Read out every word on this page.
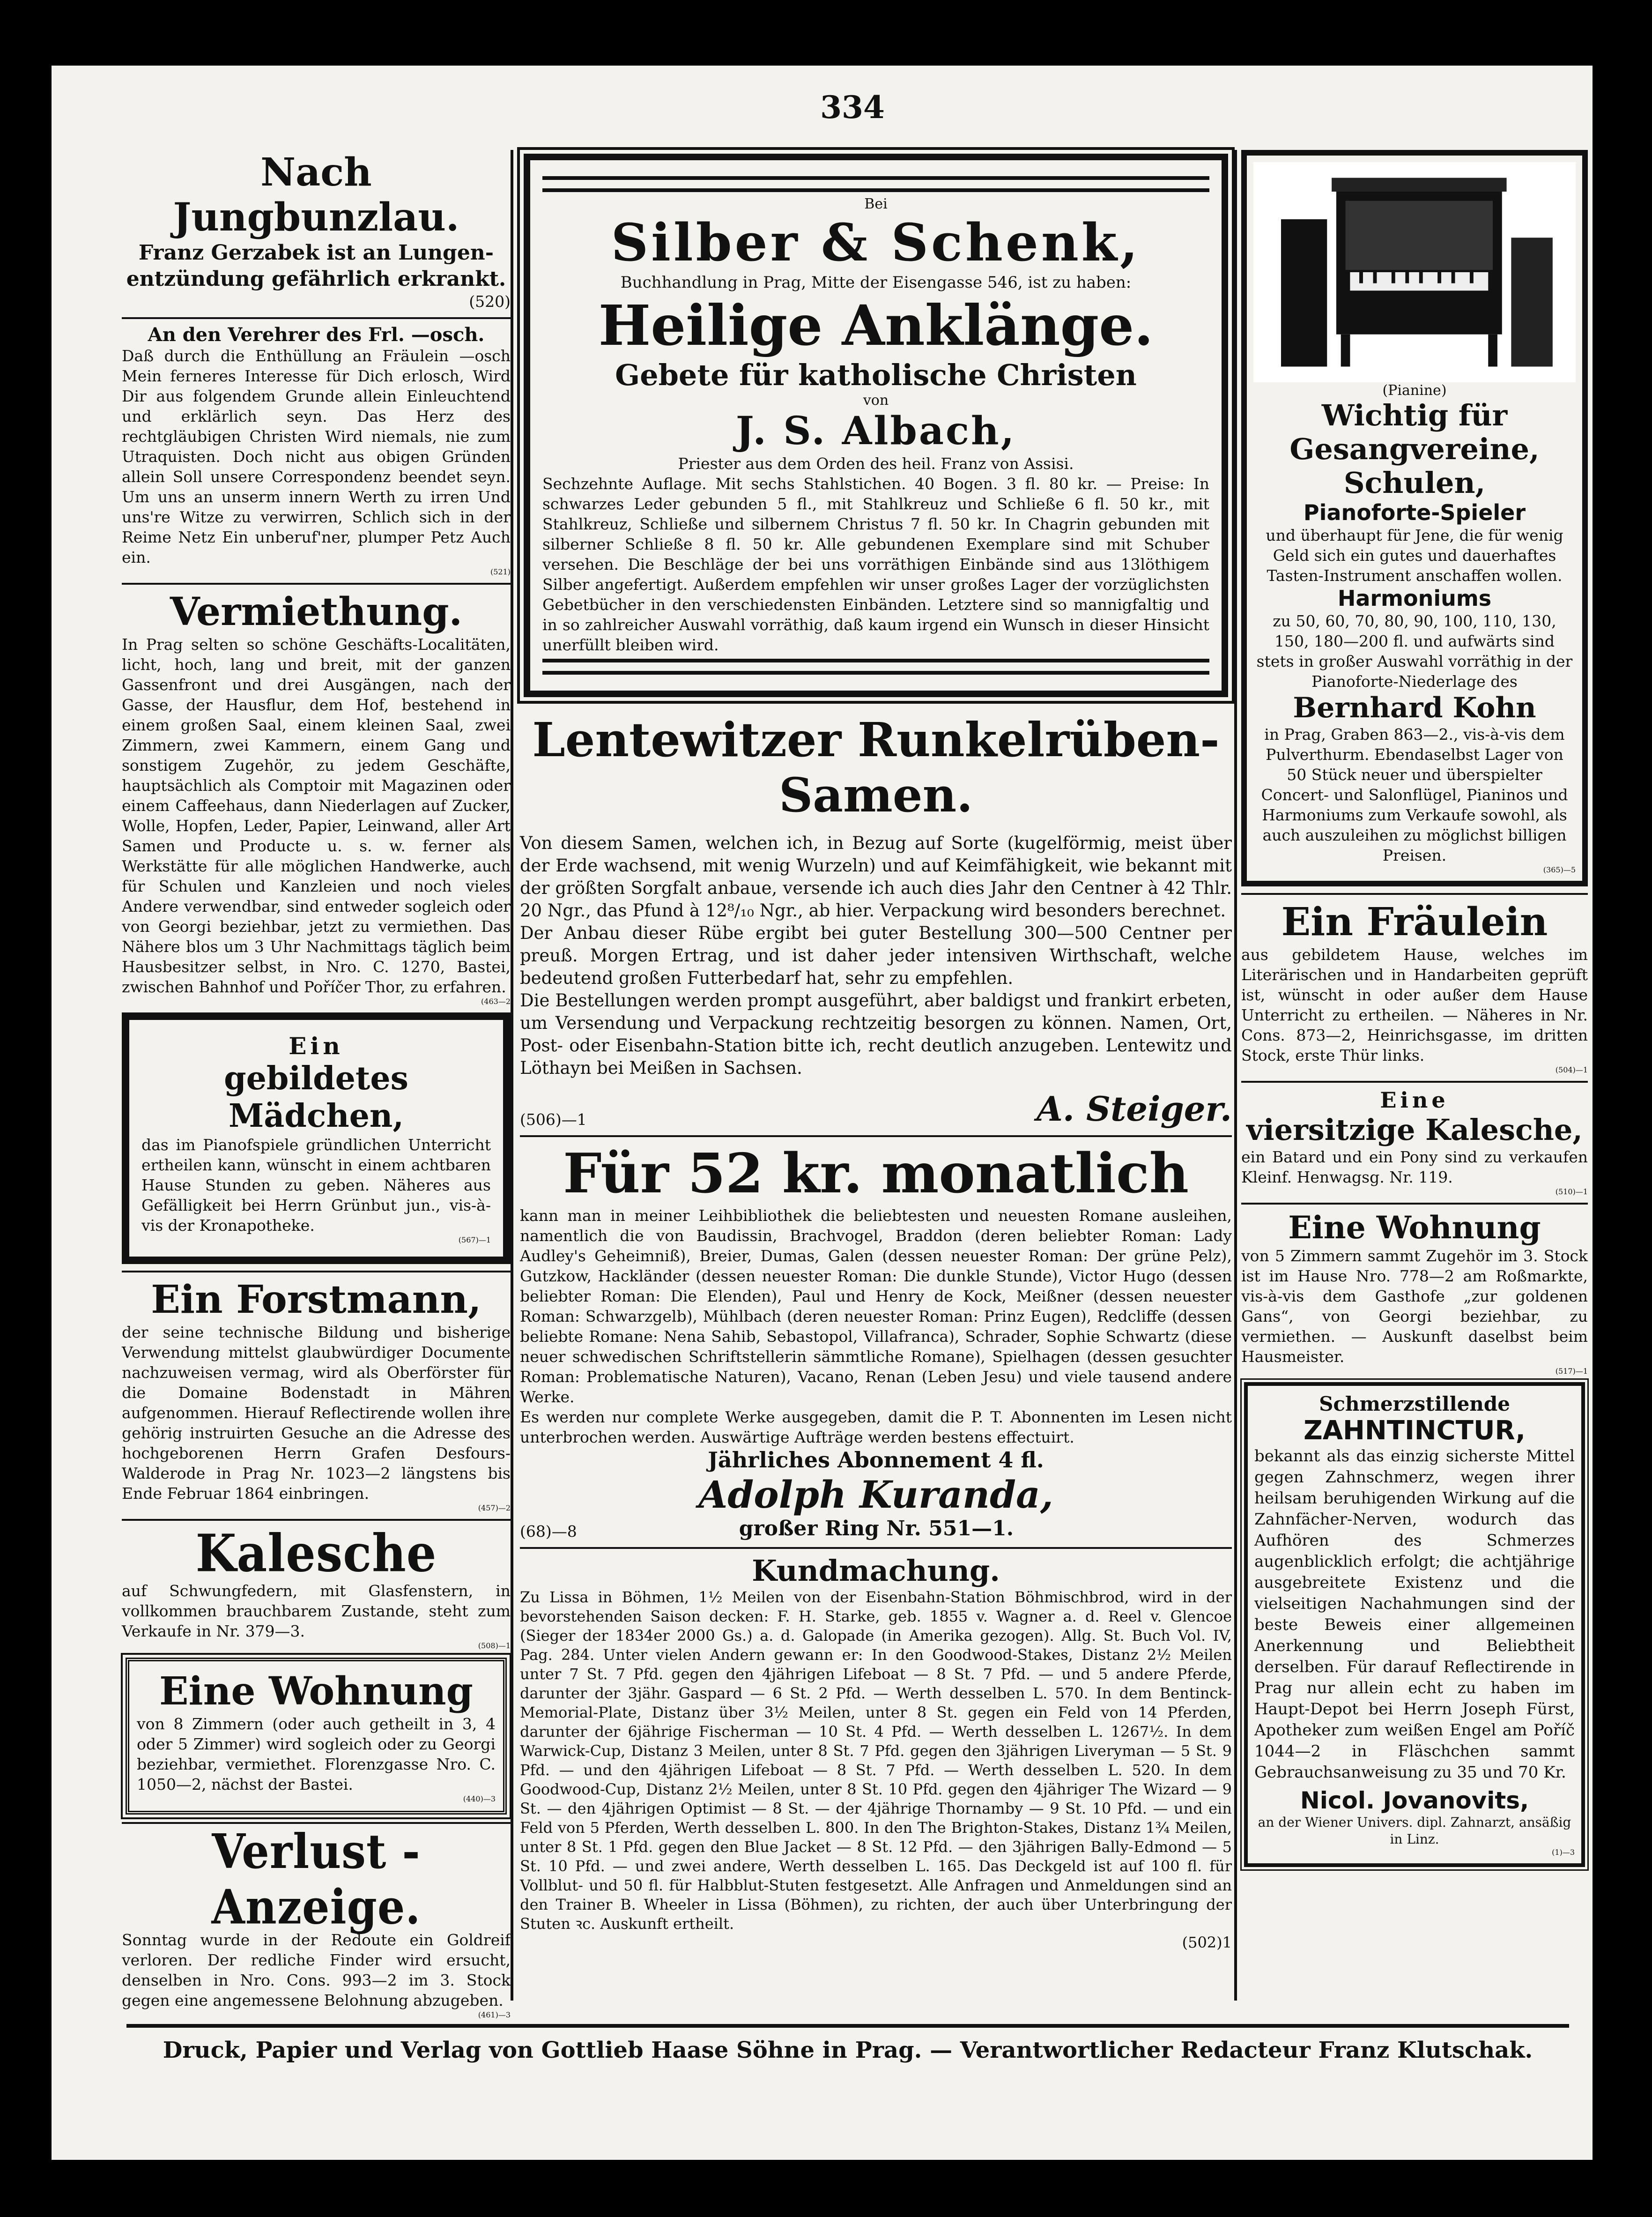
334
Nach Jungbunzlau.

Franz Gerzabek ist an Lungen-entzündung gefährlich erkrankt.

(520)
An den Verehrer des Frl. —osch.

Daß durch die Enthüllung an Fräulein —osch Mein ferneres Interesse für Dich erlosch, Wird Dir aus folgendem Grunde allein Einleuchtend und erklärlich seyn. Das Herz des rechtgläubigen Christen Wird niemals, nie zum Utraquisten. Doch nicht aus obigen Gründen allein Soll unsere Correspondenz beendet seyn. Um uns an unserm innern Werth zu irren Und uns're Witze zu verwirren, Schlich sich in der Reime Netz Ein unberuf'ner, plumper Petz Auch ein.

(521)
Vermiethung.

In Prag selten so schöne Geschäfts-Localitäten, licht, hoch, lang und breit, mit der ganzen Gassenfront und drei Ausgängen, nach der Gasse, der Hausflur, dem Hof, bestehend in einem großen Saal, einem kleinen Saal, zwei Zimmern, zwei Kammern, einem Gang und sonstigem Zugehör, zu jedem Geschäfte, hauptsächlich als Comptoir mit Magazinen oder einem Caffeehaus, dann Niederlagen auf Zucker, Wolle, Hopfen, Leder, Papier, Leinwand, aller Art Samen und Producte u. s. w. ferner als Werkstätte für alle möglichen Handwerke, auch für Schulen und Kanzleien und noch vieles Andere verwendbar, sind entweder sogleich oder von Georgi beziehbar, jetzt zu vermiethen. Das Nähere blos um 3 Uhr Nachmittags täglich beim Hausbesitzer selbst, in Nro. C. 1270, Bastei, zwischen Bahnhof und Poříčer Thor, zu erfahren.

(463—2
Ein
gebildetes Mädchen,

das im Pianofspiele gründlichen Unterricht ertheilen kann, wünscht in einem achtbaren Hause Stunden zu geben. Näheres aus Gefälligkeit bei Herrn Grünbut jun., vis-à-vis der Kronapotheke.

(567)—1
Ein Forstmann,

der seine technische Bildung und bisherige Verwendung mittelst glaubwürdiger Documente nachzuweisen vermag, wird als Oberförster für die Domaine Bodenstadt in Mähren aufgenommen. Hierauf Reflectirende wollen ihre gehörig instruirten Gesuche an die Adresse des hochgeborenen Herrn Grafen Desfours-Walderode in Prag Nr. 1023—2 längstens bis Ende Februar 1864 einbringen.

(457)—2
Kalesche

auf Schwungfedern, mit Glasfenstern, in vollkommen brauchbarem Zustande, steht zum Verkaufe in Nr. 379—3.

(508)—1
Eine Wohnung

von 8 Zimmern (oder auch getheilt in 3, 4 oder 5 Zimmer) wird sogleich oder zu Georgi beziehbar, vermiethet. Florenzgasse Nro. C. 1050—2, nächst der Bastei.

(440)—3
Verlust - Anzeige.

Sonntag wurde in der Redoute ein Goldreif verloren. Der redliche Finder wird ersucht, denselben in Nro. Cons. 993—2 im 3. Stock gegen eine angemessene Belohnung abzugeben.

(461)—3
Bei
Silber & Schenk,

Buchhandlung in Prag, Mitte der Eisengasse 546, ist zu haben:

Heilige Anklänge.
Gebete für katholische Christen
von
J. S. Albach,

Priester aus dem Orden des heil. Franz von Assisi.

Sechzehnte Auflage. Mit sechs Stahlstichen. 40 Bogen. 3 fl. 80 kr. — Preise: In schwarzes Leder gebunden 5 fl., mit Stahlkreuz und Schließe 6 fl. 50 kr., mit Stahlkreuz, Schließe und silbernem Christus 7 fl. 50 kr. In Chagrin gebunden mit silberner Schließe 8 fl. 50 kr. Alle gebundenen Exemplare sind mit Schuber versehen. Die Beschläge der bei uns vorräthigen Einbände sind aus 13löthigem Silber angefertigt. Außerdem empfehlen wir unser großes Lager der vorzüglichsten Gebetbücher in den verschiedensten Einbänden. Letztere sind so mannigfaltig und in so zahlreicher Auswahl vorräthig, daß kaum irgend ein Wunsch in dieser Hinsicht unerfüllt bleiben wird.

Lentewitzer Runkelrüben-Samen.

Von diesem Samen, welchen ich, in Bezug auf Sorte (kugelförmig, meist über der Erde wachsend, mit wenig Wurzeln) und auf Keimfähigkeit, wie bekannt mit der größten Sorgfalt anbaue, versende ich auch dies Jahr den Centner à 42 Thlr. 20 Ngr., das Pfund à 12⁸/₁₀ Ngr., ab hier. Verpackung wird besonders berechnet.

Der Anbau dieser Rübe ergibt bei guter Bestellung 300—500 Centner per preuß. Morgen Ertrag, und ist daher jeder intensiven Wirthschaft, welche bedeutend großen Futterbedarf hat, sehr zu empfehlen.

Die Bestellungen werden prompt ausgeführt, aber baldigst und frankirt erbeten, um Versendung und Verpackung rechtzeitig besorgen zu können. Namen, Ort, Post- oder Eisenbahn-Station bitte ich, recht deutlich anzugeben. Lentewitz und Löthayn bei Meißen in Sachsen.

(506)—1	A. Steiger.
Für 52 kr. monatlich

kann man in meiner Leihbibliothek die beliebtesten und neuesten Romane ausleihen, namentlich die von Baudissin, Brachvogel, Braddon (deren beliebter Roman: Lady Audley's Geheimniß), Breier, Dumas, Galen (dessen neuester Roman: Der grüne Pelz), Gutzkow, Hackländer (dessen neuester Roman: Die dunkle Stunde), Victor Hugo (dessen beliebter Roman: Die Elenden), Paul und Henry de Kock, Meißner (dessen neuester Roman: Schwarzgelb), Mühlbach (deren neuester Roman: Prinz Eugen), Redcliffe (dessen beliebte Romane: Nena Sahib, Sebastopol, Villafranca), Schrader, Sophie Schwartz (diese neuer schwedischen Schriftstellerin sämmtliche Romane), Spielhagen (dessen gesuchter Roman: Problematische Naturen), Vacano, Renan (Leben Jesu) und viele tausend andere Werke.

Es werden nur complete Werke ausgegeben, damit die P. T. Abonnenten im Lesen nicht unterbrochen werden. Auswärtige Aufträge werden bestens effectuirt.

Jährliches Abonnement 4 fl.
Adolph Kuranda,
(68)—8	großer Ring Nr. 551—1.
Kundmachung.

Zu Lissa in Böhmen, 1½ Meilen von der Eisenbahn-Station Böhmischbrod, wird in der bevorstehenden Saison decken: F. H. Starke, geb. 1855 v. Wagner a. d. Reel v. Glencoe (Sieger der 1834er 2000 Gs.) a. d. Galopade (in Amerika gezogen). Allg. St. Buch Vol. IV, Pag. 284. Unter vielen Andern gewann er: In den Goodwood-Stakes, Distanz 2½ Meilen unter 7 St. 7 Pfd. gegen den 4jährigen Lifeboat — 8 St. 7 Pfd. — und 5 andere Pferde, darunter der 3jähr. Gaspard — 6 St. 2 Pfd. — Werth desselben L. 570. In dem Bentinck-Memorial-Plate, Distanz über 3½ Meilen, unter 8 St. gegen ein Feld von 14 Pferden, darunter der 6jährige Fischerman — 10 St. 4 Pfd. — Werth desselben L. 1267½. In dem Warwick-Cup, Distanz 3 Meilen, unter 8 St. 7 Pfd. gegen den 3jährigen Liveryman — 5 St. 9 Pfd. — und den 4jährigen Lifeboat — 8 St. 7 Pfd. — Werth desselben L. 520. In dem Goodwood-Cup, Distanz 2½ Meilen, unter 8 St. 10 Pfd. gegen den 4jähriger The Wizard — 9 St. — den 4jährigen Optimist — 8 St. — der 4jährige Thornamby — 9 St. 10 Pfd. — und ein Feld von 5 Pferden, Werth desselben L. 800. In den The Brighton-Stakes, Distanz 1¾ Meilen, unter 8 St. 1 Pfd. gegen den Blue Jacket — 8 St. 12 Pfd. — den 3jährigen Bally-Edmond — 5 St. 10 Pfd. — und zwei andere, Werth desselben L. 165. Das Deckgeld ist auf 100 fl. für Vollblut- und 50 fl. für Halbblut-Stuten festgesetzt. Alle Anfragen und Anmeldungen sind an den Trainer B. Wheeler in Lissa (Böhmen), zu richten, der auch über Unterbringung der Stuten ꝛc. Auskunft ertheilt.

(502)1
(Pianine)
Wichtig für Gesangvereine, Schulen,
Pianoforte-Spieler

und überhaupt für Jene, die für wenig Geld sich ein gutes und dauerhaftes Tasten-Instrument anschaffen wollen.

Harmoniums

zu 50, 60, 70, 80, 90, 100, 110, 130, 150, 180—200 fl. und aufwärts sind stets in großer Auswahl vorräthig in der Pianoforte-Niederlage des

Bernhard Kohn

in Prag, Graben 863—2., vis-à-vis dem Pulverthurm. Ebendaselbst Lager von 50 Stück neuer und überspielter Concert- und Salonflügel, Pianinos und Harmoniums zum Verkaufe sowohl, als auch auszuleihen zu möglichst billigen Preisen.

(365)—5
Ein Fräulein

aus gebildetem Hause, welches im Literärischen und in Handarbeiten geprüft ist, wünscht in oder außer dem Hause Unterricht zu ertheilen. — Näheres in Nr. Cons. 873—2, Heinrichsgasse, im dritten Stock, erste Thür links.

(504)—1
Eine
viersitzige Kalesche,

ein Batard und ein Pony sind zu verkaufen Kleinf. Henwagsg. Nr. 119.

(510)—1
Eine Wohnung

von 5 Zimmern sammt Zugehör im 3. Stock ist im Hause Nro. 778—2 am Roßmarkte, vis-à-vis dem Gasthofe „zur goldenen Gans“, von Georgi beziehbar, zu vermiethen. — Auskunft daselbst beim Hausmeister.

(517)—1
Schmerzstillende
ZAHNTINCTUR,

bekannt als das einzig sicherste Mittel gegen Zahnschmerz, wegen ihrer heilsam beruhigenden Wirkung auf die Zahnfächer-Nerven, wodurch das Aufhören des Schmerzes augenblicklich erfolgt; die achtjährige ausgebreitete Existenz und die vielseitigen Nachahmungen sind der beste Beweis einer allgemeinen Anerkennung und Beliebtheit derselben. Für darauf Reflectirende in Prag nur allein echt zu haben im Haupt-Depot bei Herrn Joseph Fürst, Apotheker zum weißen Engel am Poříč 1044—2 in Fläschchen sammt Gebrauchsanweisung zu 35 und 70 Kr.

Nicol. Jovanovits,

an der Wiener Univers. dipl. Zahnarzt, ansäßig in Linz.

(1)—3
Druck, Papier und Verlag von Gottlieb Haase Söhne in Prag. — Verantwortlicher Redacteur Franz Klutschak.
